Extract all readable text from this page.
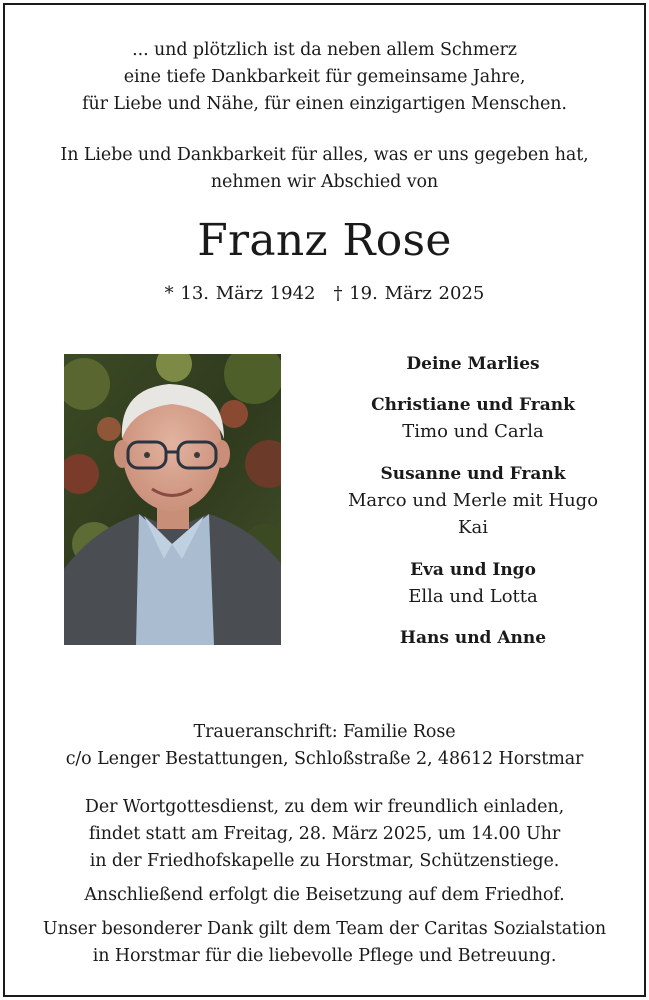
... und plötzlich ist da neben allem Schmerz
eine tiefe Dankbarkeit für gemeinsame Jahre,
für Liebe und Nähe, für einen einzigartigen Menschen.
In Liebe und Dankbarkeit für alles, was er uns gegeben hat,
nehmen wir Abschied von
Franz Rose
* 13. März 1942 † 19. März 2025
Deine Marlies
Christiane und Frank
Timo und Carla
Susanne und Frank
Marco und Merle mit Hugo
Kai
Eva und Ingo
Ella und Lotta
Hans und Anne
Traueranschrift: Familie Rose
c/o Lenger Bestattungen, Schloßstraße 2, 48612 Horstmar
Der Wortgottesdienst, zu dem wir freundlich einladen,
findet statt am Freitag, 28. März 2025, um 14.00 Uhr
in der Friedhofskapelle zu Horstmar, Schützenstiege.
Anschließend erfolgt die Beisetzung auf dem Friedhof.
Unser besonderer Dank gilt dem Team der Caritas Sozialstation
in Horstmar für die liebevolle Pflege und Betreuung.
